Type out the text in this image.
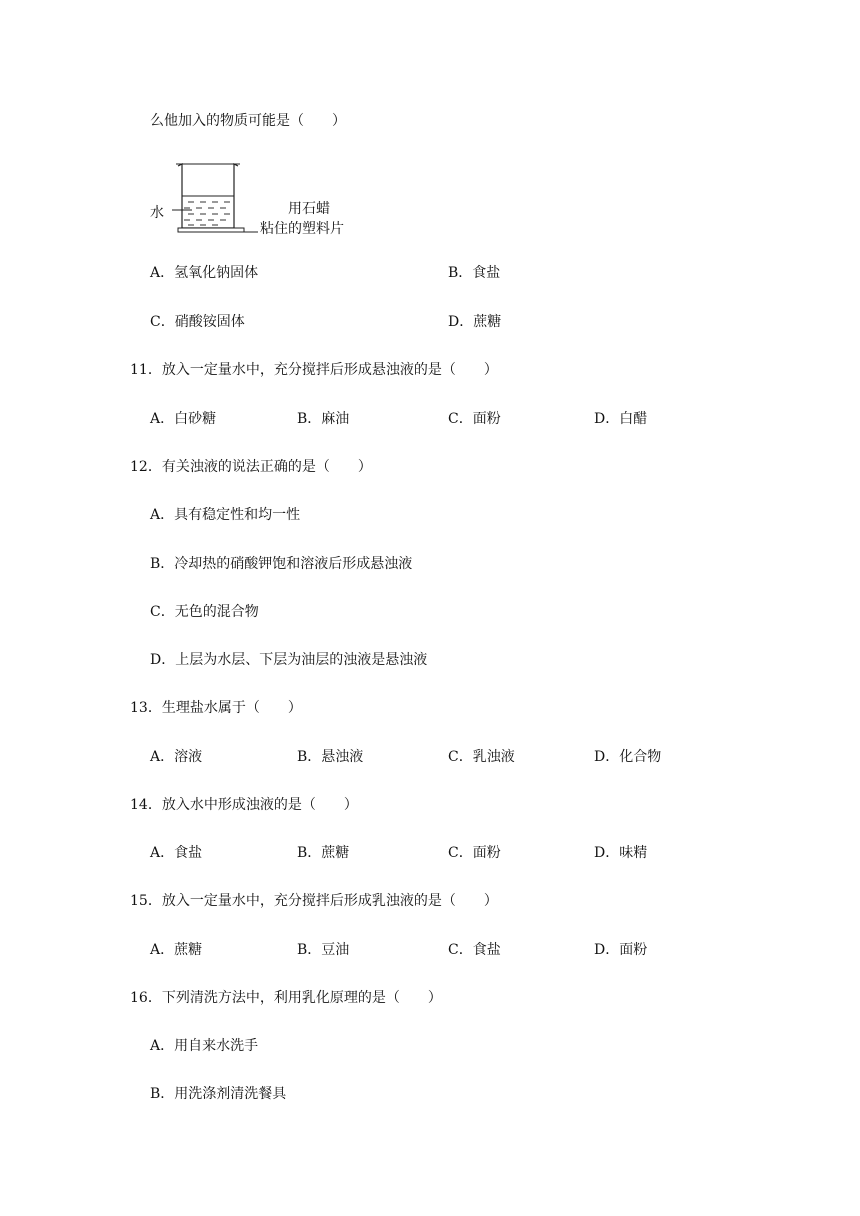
么他加入的物质可能是（　　）
水	用石蜡
粘住的塑料片
A．氢氧化钠固体	B．食盐
C．硝酸铵固体	D．蔗糖
11．放入一定量水中，充分搅拌后形成悬浊液的是（　　）
A．白砂糖	B．麻油	C．面粉	D．白醋
12．有关浊液的说法正确的是（　　）
A．具有稳定性和均一性
B．冷却热的硝酸钾饱和溶液后形成悬浊液
C．无色的混合物
D．上层为水层、下层为油层的浊液是悬浊液
13．生理盐水属于（　　）
A．溶液	B．悬浊液	C．乳浊液	D．化合物
14．放入水中形成浊液的是（　　）
A．食盐	B．蔗糖	C．面粉	D．味精
15．放入一定量水中，充分搅拌后形成乳浊液的是（　　）
A．蔗糖	B．豆油	C．食盐	D．面粉
16．下列清洗方法中，利用乳化原理的是（　　）
A．用自来水洗手
B．用洗涤剂清洗餐具
